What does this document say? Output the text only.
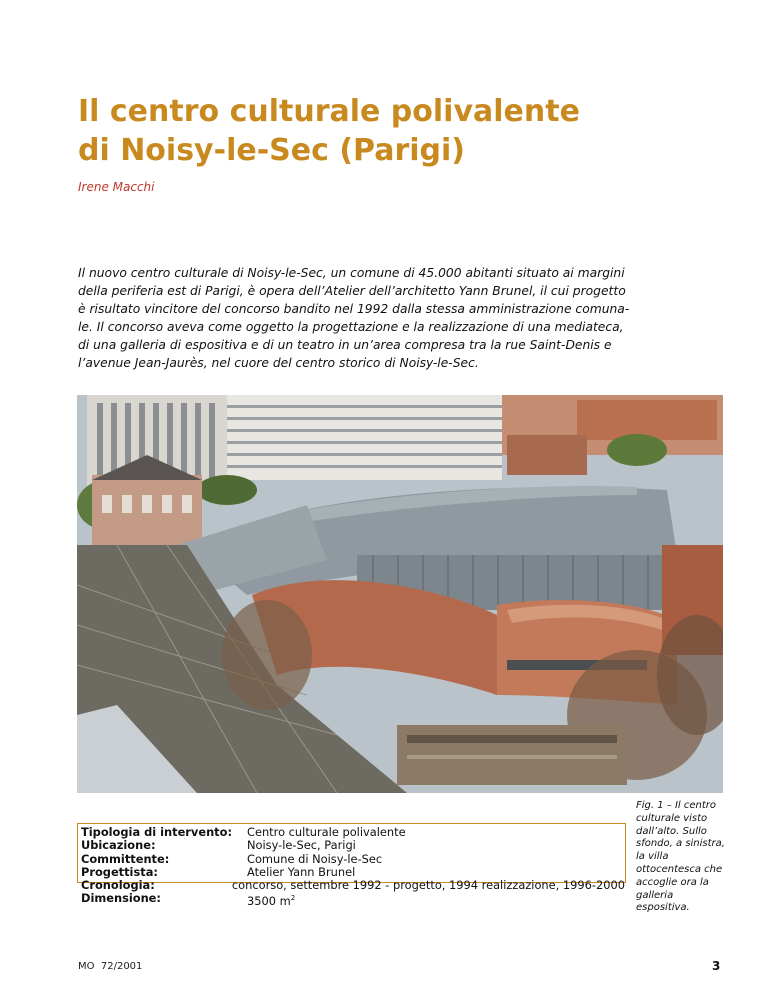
Il centro culturale polivalente
di Noisy-le-Sec (Parigi)
Irene Macchi

Il nuovo centro culturale di Noisy-le-Sec, un comune di 45.000 abitanti situato ai margini
della periferia est di Parigi, è opera dell’Atelier dell’architetto Yann Brunel, il cui progetto
è risultato vincitore del concorso bandito nel 1992 dalla stessa amministrazione comuna-
le. Il concorso aveva come oggetto la progettazione e la realizzazione di una mediateca,
di una galleria di espositiva e di un teatro in un’area compresa tra la rue Saint-Denis e
l’avenue Jean-Jaurès, nel cuore del centro storico di Noisy-le-Sec.

Fig. 1 – Il centro
culturale visto
dall’alto. Sullo
sfondo, a sinistra,
la villa
ottocentesca che
accoglie ora la
galleria
espositiva.
Tipologia di intervento:	Centro culturale polivalente
Ubicazione:	Noisy-le-Sec, Parigi
Committente:	Comune di Noisy-le-Sec
Progettista:	Atelier Yann Brunel
Cronologia:	concorso, settembre 1992 - progetto, 1994 realizzazione, 1996-2000
Dimensione:	3500 $m^2$
MO  72/2001	3
